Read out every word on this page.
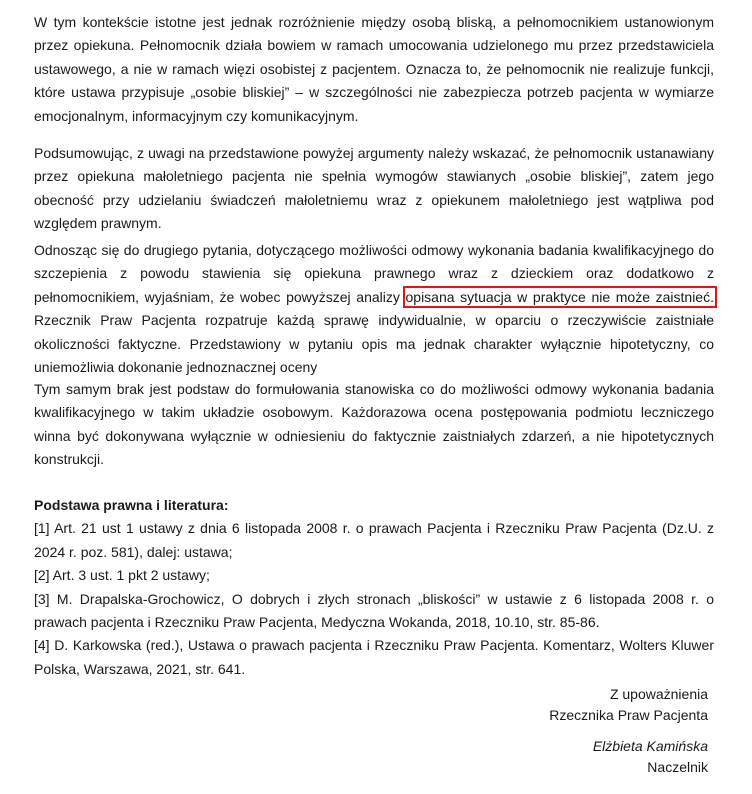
W tym kontekście istotne jest jednak rozróżnienie między osobą bliską, a pełnomocnikiem ustanowionym przez opiekuna. Pełnomocnik działa bowiem w ramach umocowania udzielonego mu przez przedstawiciela ustawowego, a nie w ramach więzi osobistej z pacjentem. Oznacza to, że pełnomocnik nie realizuje funkcji, które ustawa przypisuje „osobie bliskiej” – w szczególności nie zabezpiecza potrzeb pacjenta w wymiarze emocjonalnym, informacyjnym czy komunikacyjnym.

Podsumowując, z uwagi na przedstawione powyżej argumenty należy wskazać, że pełnomocnik ustanawiany przez opiekuna małoletniego pacjenta nie spełnia wymogów stawianych „osobie bliskiej”, zatem jego obecność przy udzielaniu świadczeń małoletniemu wraz z opiekunem małoletniego jest wątpliwa pod względem prawnym.

Odnosząc się do drugiego pytania, dotyczącego możliwości odmowy wykonania badania kwalifikacyjnego do szczepienia z powodu stawienia się opiekuna prawnego wraz z dzieckiem oraz dodatkowo z pełnomocnikiem, wyjaśniam, że wobec powyższej analizy opisana sytuacja w praktyce nie może zaistnieć. Rzecznik Praw Pacjenta rozpatruje każdą sprawę indywidualnie, w oparciu o rzeczywiście zaistniałe okoliczności faktyczne. Przedstawiony w pytaniu opis ma jednak charakter wyłącznie hipotetyczny, co uniemożliwia dokonanie jednoznacznej oceny

Tym samym brak jest podstaw do formułowania stanowiska co do możliwości odmowy wykonania badania kwalifikacyjnego w takim układzie osobowym. Każdorazowa ocena postępowania podmiotu leczniczego winna być dokonywana wyłącznie w odniesieniu do faktycznie zaistniałych zdarzeń, a nie hipotetycznych konstrukcji.

Podstawa prawna i literatura:

[1] Art. 21 ust 1 ustawy z dnia 6 listopada 2008 r. o prawach Pacjenta i Rzeczniku Praw Pacjenta (Dz.U. z 2024 r. poz. 581), dalej: ustawa;

[2] Art. 3 ust. 1 pkt 2 ustawy;

[3] M. Drapalska-Grochowicz, O dobrych i złych stronach „bliskości” w ustawie z 6 listopada 2008 r. o prawach pacjenta i Rzeczniku Praw Pacjenta, Medyczna Wokanda, 2018, 10.10, str. 85-86.

[4] D. Karkowska (red.), Ustawa o prawach pacjenta i Rzeczniku Praw Pacjenta. Komentarz, Wolters Kluwer Polska, Warszawa, 2021, str. 641.

Z upoważnienia
Rzecznika Praw Pacjenta
Elżbieta Kamińska
Naczelnik
